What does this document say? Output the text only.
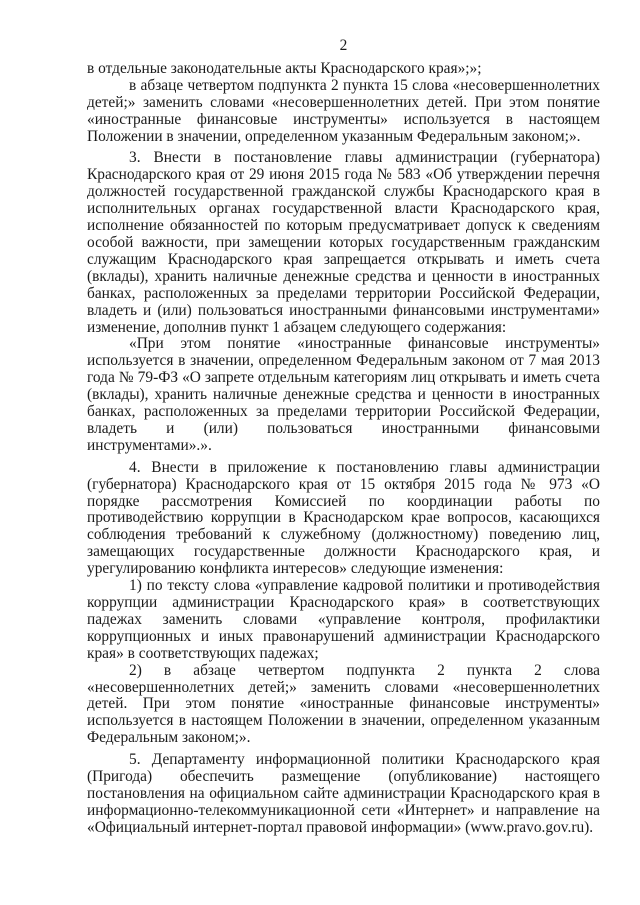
2

в отдельные законодательные акты Краснодарского края»;»;

в абзаце четвертом подпункта 2 пункта 15 слова «несовершеннолетних детей;» заменить словами «несовершеннолетних детей. При этом понятие «иностранные финансовые инструменты» используется в настоящем Положении в значении, определенном указанным Федеральным законом;».

3. Внести в постановление главы администрации (губернатора) Краснодарского края от 29 июня 2015 года № 583 «Об утверждении перечня должностей государственной гражданской службы Краснодарского края в исполнительных органах государственной власти Краснодарского края, исполнение обязанностей по которым предусматривает допуск к сведениям особой важности, при замещении которых государственным гражданским служащим Краснодарского края запрещается открывать и иметь счета (вклады), хранить наличные денежные средства и ценности в иностранных банках, расположенных за пределами территории Российской Федерации, владеть и (или) пользоваться иностранными финансовыми инструментами» изменение, дополнив пункт 1 абзацем следующего содержания:

«При этом понятие «иностранные финансовые инструменты» используется в значении, определенном Федеральным законом от 7 мая 2013 года № 79-ФЗ «О запрете отдельным категориям лиц открывать и иметь счета (вклады), хранить наличные денежные средства и ценности в иностранных банках, расположенных за пределами территории Российской Федерации, владеть и (или) пользоваться иностранными финансовыми инструментами».».

4. Внести в приложение к постановлению главы администрации (губернатора) Краснодарского края от 15 октября 2015 года № 973 «О порядке рассмотрения Комиссией по координации работы по противодействию коррупции в Краснодарском крае вопросов, касающихся соблюдения требований к служебному (должностному) поведению лиц, замещающих государственные должности Краснодарского края, и урегулированию конфликта интересов» следующие изменения:

1) по тексту слова «управление кадровой политики и противодействия коррупции администрации Краснодарского края» в соответствующих падежах заменить словами «управление контроля, профилактики коррупционных и иных правонарушений администрации Краснодарского края» в соответствующих падежах;

2) в абзаце четвертом подпункта 2 пункта 2 слова «несовершеннолетних детей;» заменить словами «несовершеннолетних детей. При этом понятие «иностранные финансовые инструменты» используется в настоящем Положении в значении, определенном указанным Федеральным законом;».

5. Департаменту информационной политики Краснодарского края (Пригода) обеспечить размещение (опубликование) настоящего постановления на официальном сайте администрации Краснодарского края в информационно-телекоммуникационной сети «Интернет» и направление на «Официальный интернет-портал правовой информации» (www.pravo.gov.ru).
